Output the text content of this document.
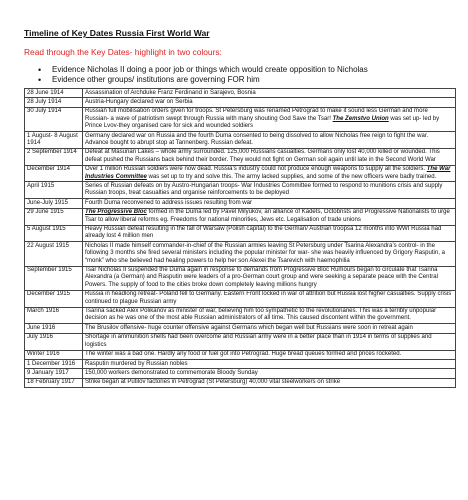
Timeline of Key Dates Russia First World War
Read through the Key Dates- highlight in two colours:
• Evidence Nicholas II doing a poor job or things which would create opposition to Nicholas
• Evidence other groups/ institutions are governing FOR him
28 June 1914	Assassination of Archduke Franz Ferdinand in Sarajevo, Bosnia
28 July 1914	Austria-Hungary declared war on Serbia
30 July 1914	Russian full mobilisation orders given for troops. St Petersburg was renamed Petrograd to make it sound less German and more Russian- a wave of patriotism swept through Russia with many shouting God Save the Tsar! The Zemstvo Union was set up- led by Prince Lvov-they organised care for sick and wounded soldiers
1 August- 8 August 1914	Germany declared war on Russia and the fourth Duma consented to being dissolved to allow Nicholas free reign to fight the war. Advance bought to abrupt stop at Tannenberg. Russian defeat.
2 September 1914	Defeat at Masurian Lakes – whole army surrounded. 125,000 Russians casualties. Germans only lost 40,000 killed or wounded. This defeat pushed the Russians back behind their border. They would not fight on German soil again until late in the Second World War
December 1914	Over 1 million Russian soldiers were now dead. Russia’s industry could not produce enough weapons to supply all the soldiers. The War Industries Committee was set up to try and solve this. The army lacked supplies, and some of the new officers were badly trained.
April 1915	Series of Russian defeats on by Austro-Hungarian troops- War Industries Committee formed to respond to munitions crisis and supply Russian troops, treat casualties and organise reinforcements to be deployed
June-July 1915	Fourth Duma reconvened to address issues resulting from war
29 June 1915	The Progressive Bloc formed in the Duma led by Pavel Milyukov, an alliance of Kadets, Octobrists and Progressive Nationalists to urge Tsar to allow liberal reforms eg. Freedoms for national minorities, Jews etc. Legalisation of trade unions
5 August 1915	Heavy Russian defeat resulting in the fall of Warsaw (Polish capital) to the German/ Austrian troopsa 12 months into WWI Russia had already lost 4 million men
22 August 1915	Nicholas II made himself commander-in-chief of the Russian armies leaving St Petersburg under Tsarina Alexandra’s control- in the following 3 months she fired several ministers including the popular minister for war- she was heavily influenced by Grigory Rasputin, a “monk” who she believed had healing powers to help her son Alexei the Tsarevich with haemophilia
September 1915	Tsar Nicholas II suspended the Duma again in response to demands from Progressive Bloc Rumours began to circulate that Tsarina Alexandra (a German) and Rasputin were leaders of a pro-German court group and were seeking a separate peace with the Central Powers. The supply of food to the cities broke down completely leaving millions hungry
December 1915	Russia in headlong retreat- Poland fell to Germany. Eastern Front locked in war of attrition but Russia lost higher casualties. Supply crisis continued to plague Russian army
March 1916	Tsarina sacked Alex Polikanov as minister of war, believing him too sympathetic to the revolutionaries. This was a terribly unpopular decision as he was one of the most able Russian administrators of all time. This caused discontent within the government.
June 1916	The Brusilov offensive- huge counter offensive against Germans which began well but Russians were soon in retreat again
July 1916	Shortage in ammunition shells had been overcome and Russian army were in a better place than in 1914 in terms of supplies and logistics
Winter 1916	The winter was a bad one. Hardly any food or fuel got into Petrograd. Huge bread queues formed and prices rocketed.
1 December 1916	Rasputin murdered by Russian nobles
9 January 1917	150,000 workers demonstrated to commemorate Bloody Sunday
18 February 1917	Strike began at Putilov factories in Petrograd (St Petersburg) 40,000 vital steelworkers on strike
